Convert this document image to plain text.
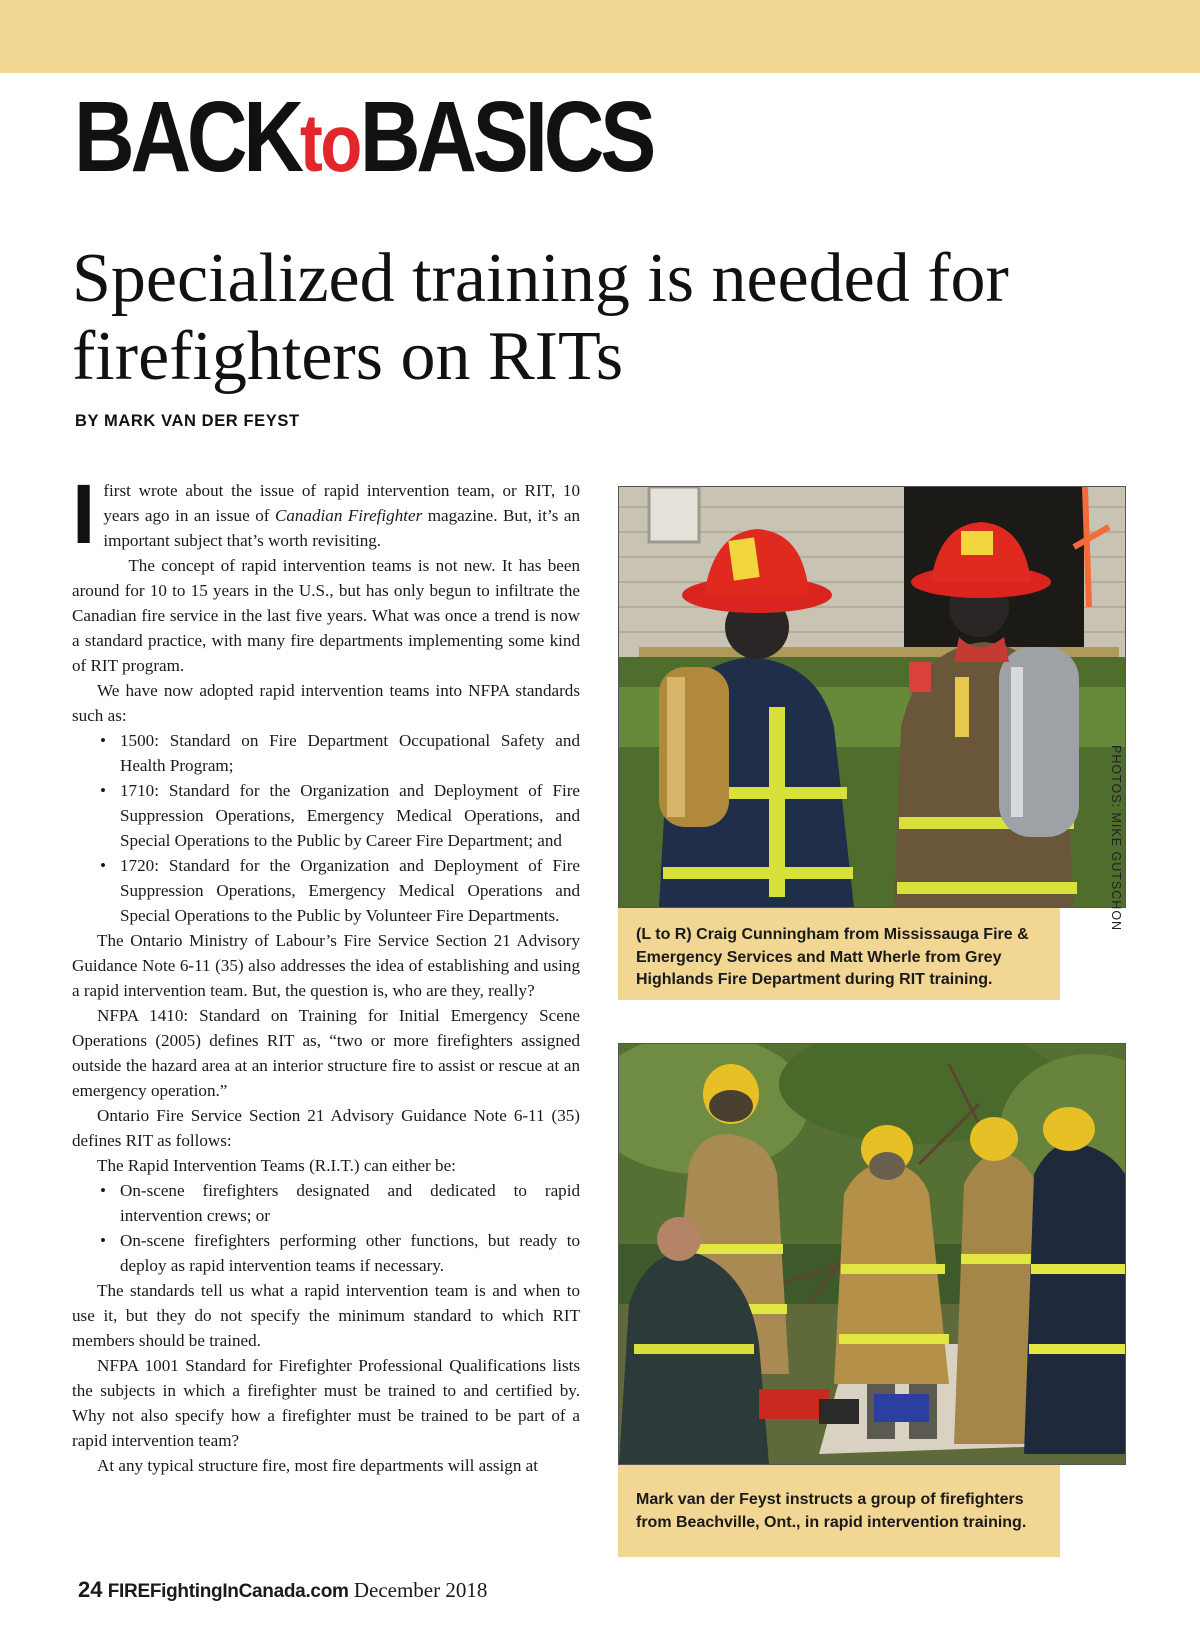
BACKtoBASICS
Specialized training is needed for firefighters on RITs
BY MARK VAN DER FEYST

Ifirst wrote about the issue of rapid intervention team, or RIT, 10 years ago in an issue of Canadian Firefighter magazine. But, it’s an important subject that’s worth revisiting.

The concept of rapid intervention teams is not new. It has been around for 10 to 15 years in the U.S., but has only begun to infiltrate the Canadian fire service in the last five years. What was once a trend is now a standard practice, with many fire departments implementing some kind of RIT program.

We have now adopted rapid intervention teams into NFPA standards such as:

• 1500: Standard on Fire Department Occupational Safety and Health Program;
• 1710: Standard for the Organization and Deployment of Fire Suppression Operations, Emergency Medical Operations, and Special Operations to the Public by Career Fire Department; and
• 1720: Standard for the Organization and Deployment of Fire Suppression Operations, Emergency Medical Operations and Special Operations to the Public by Volunteer Fire Departments.

The Ontario Ministry of Labour’s Fire Service Section 21 Advisory Guidance Note 6-11 (35) also addresses the idea of establishing and using a rapid intervention team. But, the question is, who are they, really?

NFPA 1410: Standard on Training for Initial Emergency Scene Operations (2005) defines RIT as, “two or more firefighters assigned outside the hazard area at an interior structure fire to assist or rescue at an emergency operation.”

Ontario Fire Service Section 21 Advisory Guidance Note 6-11 (35) defines RIT as follows:

The Rapid Intervention Teams (R.I.T.) can either be:

• On-scene firefighters designated and dedicated to rapid intervention crews; or
• On-scene firefighters performing other functions, but ready to deploy as rapid intervention teams if necessary.

The standards tell us what a rapid intervention team is and when to use it, but they do not specify the minimum standard to which RIT members should be trained.

NFPA 1001 Standard for Firefighter Professional Qualifications lists the subjects in which a firefighter must be trained to and certified by. Why not also specify how a firefighter must be trained to be part of a rapid intervention team?

At any typical structure fire, most fire departments will assign at

(L to R) Craig Cunningham from Mississauga Fire & Emergency Services and Matt Wherle from Grey Highlands Fire Department during RIT training.
PHOTOS: MIKE GUTSCHON
Mark van der Feyst instructs a group of firefighters from Beachville, Ont., in rapid intervention training.
24 FIREFightingInCanada.com December 2018
